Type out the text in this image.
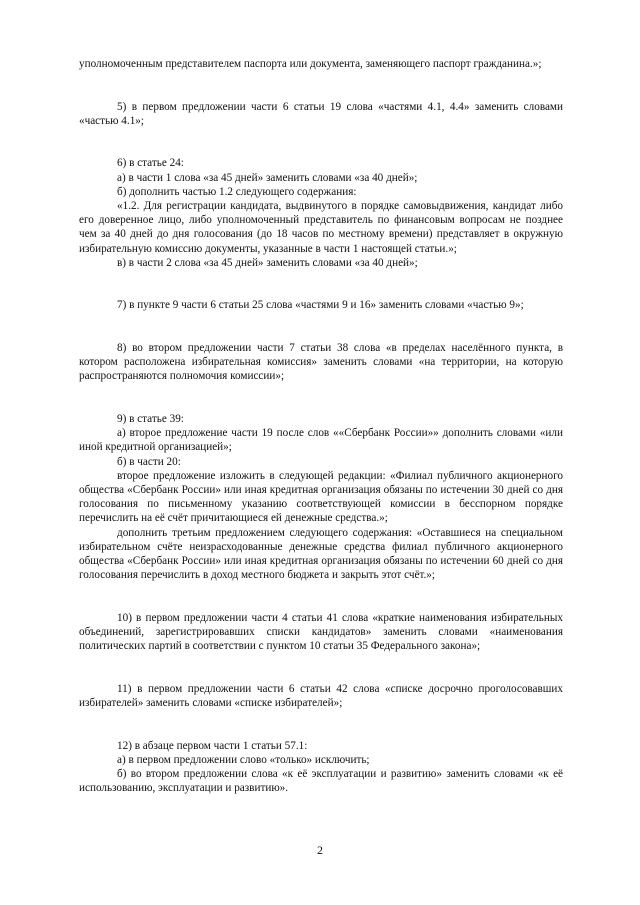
уполномоченным представителем паспорта или документа, заменяющего паспорт гражданина.»;

5) в первом предложении части 6 статьи 19 слова «частями 4.1, 4.4» заменить словами «частью 4.1»;

6) в статье 24:

а) в части 1 слова «за 45 дней» заменить словами «за 40 дней»;

б) дополнить частью 1.2 следующего содержания:

«1.2. Для регистрации кандидата, выдвинутого в порядке самовыдвижения, кандидат либо его доверенное лицо, либо уполномоченный представитель по финансовым вопросам не позднее чем за 40 дней до дня голосования (до 18 часов по местному времени) представляет в окружную избирательную комиссию документы, указанные в части 1 настоящей статьи.»;

в) в части 2 слова «за 45 дней» заменить словами «за 40 дней»;

7) в пункте 9 части 6 статьи 25 слова «частями 9 и 16» заменить словами «частью 9»;

8) во втором предложении части 7 статьи 38 слова «в пределах населённого пункта, в котором расположена избирательная комиссия» заменить словами «на территории, на которую распространяются полномочия комиссии»;

9) в статье 39:

а) второе предложение части 19 после слов ««Сбербанк России»» дополнить словами «или иной кредитной организацией»;

б) в части 20:

второе предложение изложить в следующей редакции: «Филиал публичного акционерного общества «Сбербанк России» или иная кредитная организация обязаны по истечении 30 дней со дня голосования по письменному указанию соответствующей комиссии в бесспорном порядке перечислить на её счёт причитающиеся ей денежные средства.»;

дополнить третьим предложением следующего содержания: «Оставшиеся на специальном избирательном счёте неизрасходованные денежные средства филиал публичного акционерного общества «Сбербанк России» или иная кредитная организация обязаны по истечении 60 дней со дня голосования перечислить в доход местного бюджета и закрыть этот счёт.»;

10) в первом предложении части 4 статьи 41 слова «краткие наименования избирательных объединений, зарегистрировавших списки кандидатов» заменить словами «наименования политических партий в соответствии с пунктом 10 статьи 35 Федерального закона»;

11) в первом предложении части 6 статьи 42 слова «списке досрочно проголосовавших избирателей» заменить словами «списке избирателей»;

12) в абзаце первом части 1 статьи 57.1:

а) в первом предложении слово «только» исключить;

б) во втором предложении слова «к её эксплуатации и развитию» заменить словами «к её использованию, эксплуатации и развитию».

2
